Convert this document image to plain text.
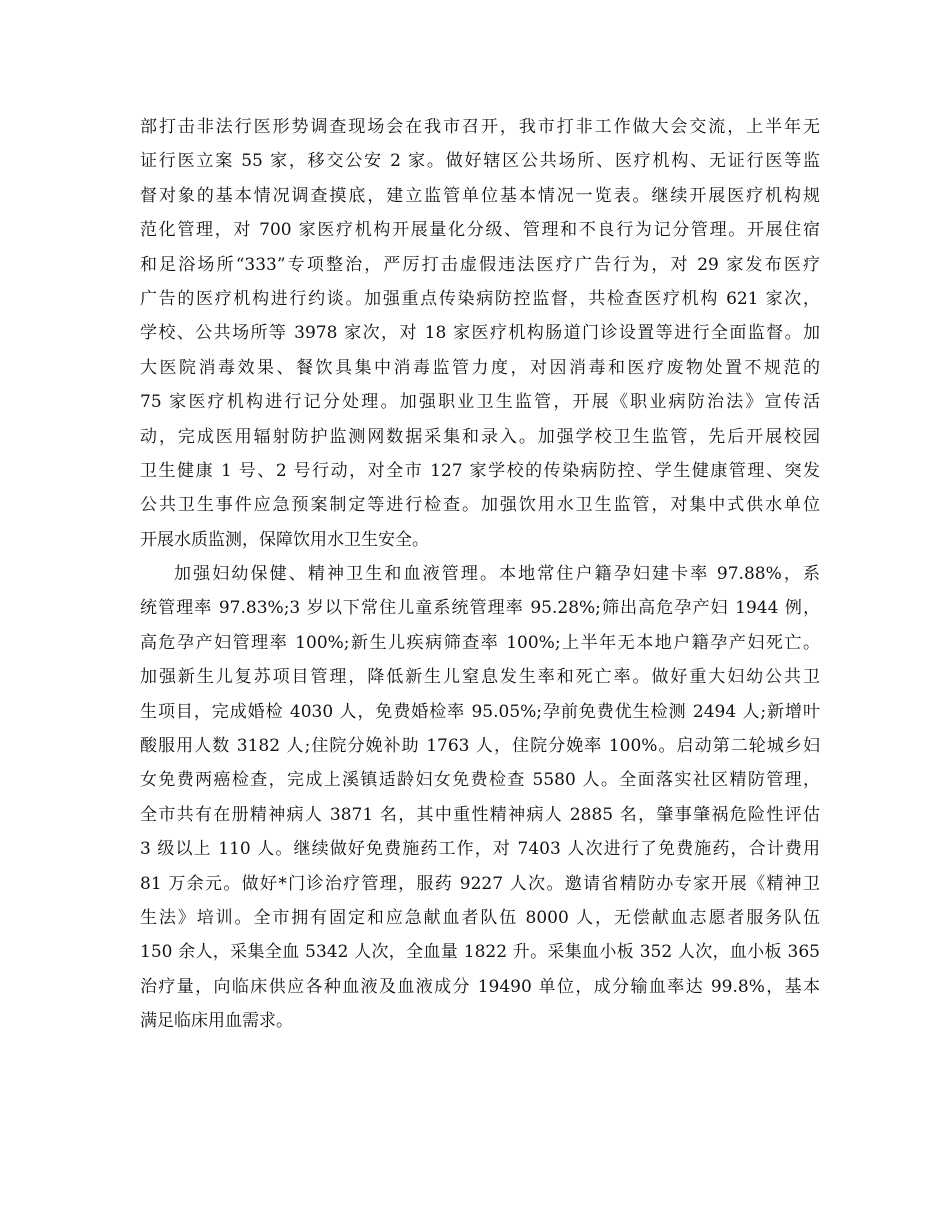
部打击非法行医形势调查现场会在我市召开，我市打非工作做大会交流，上半年无
证行医立案 55 家，移交公安 2 家。做好辖区公共场所、医疗机构、无证行医等监
督对象的基本情况调查摸底，建立监管单位基本情况一览表。继续开展医疗机构规
范化管理，对 700 家医疗机构开展量化分级、管理和不良行为记分管理。开展住宿
和足浴场所“333”专项整治，严厉打击虚假违法医疗广告行为，对 29 家发布医疗
广告的医疗机构进行约谈。加强重点传染病防控监督，共检查医疗机构 621 家次，
学校、公共场所等 3978 家次，对 18 家医疗机构肠道门诊设置等进行全面监督。加
大医院消毒效果、餐饮具集中消毒监管力度，对因消毒和医疗废物处置不规范的
75 家医疗机构进行记分处理。加强职业卫生监管，开展《职业病防治法》宣传活
动，完成医用辐射防护监测网数据采集和录入。加强学校卫生监管，先后开展校园
卫生健康 1 号、2 号行动，对全市 127 家学校的传染病防控、学生健康管理、突发
公共卫生事件应急预案制定等进行检查。加强饮用水卫生监管，对集中式供水单位
开展水质监测，保障饮用水卫生安全。
加强妇幼保健、精神卫生和血液管理。本地常住户籍孕妇建卡率 97.88%，系
统管理率 97.83%;3 岁以下常住儿童系统管理率 95.28%;筛出高危孕产妇 1944 例，
高危孕产妇管理率 100%;新生儿疾病筛查率 100%;上半年无本地户籍孕产妇死亡。
加强新生儿复苏项目管理，降低新生儿窒息发生率和死亡率。做好重大妇幼公共卫
生项目，完成婚检 4030 人，免费婚检率 95.05%;孕前免费优生检测 2494 人;新增叶
酸服用人数 3182 人;住院分娩补助 1763 人，住院分娩率 100%。启动第二轮城乡妇
女免费两癌检查，完成上溪镇适龄妇女免费检查 5580 人。全面落实社区精防管理，
全市共有在册精神病人 3871 名，其中重性精神病人 2885 名，肇事肇祸危险性评估
3 级以上 110 人。继续做好免费施药工作，对 7403 人次进行了免费施药，合计费用
81 万余元。做好*门诊治疗管理，服药 9227 人次。邀请省精防办专家开展《精神卫
生法》培训。全市拥有固定和应急献血者队伍 8000 人，无偿献血志愿者服务队伍
150 余人，采集全血 5342 人次，全血量 1822 升。采集血小板 352 人次，血小板 365
治疗量，向临床供应各种血液及血液成分 19490 单位，成分输血率达 99.8%，基本
满足临床用血需求。
